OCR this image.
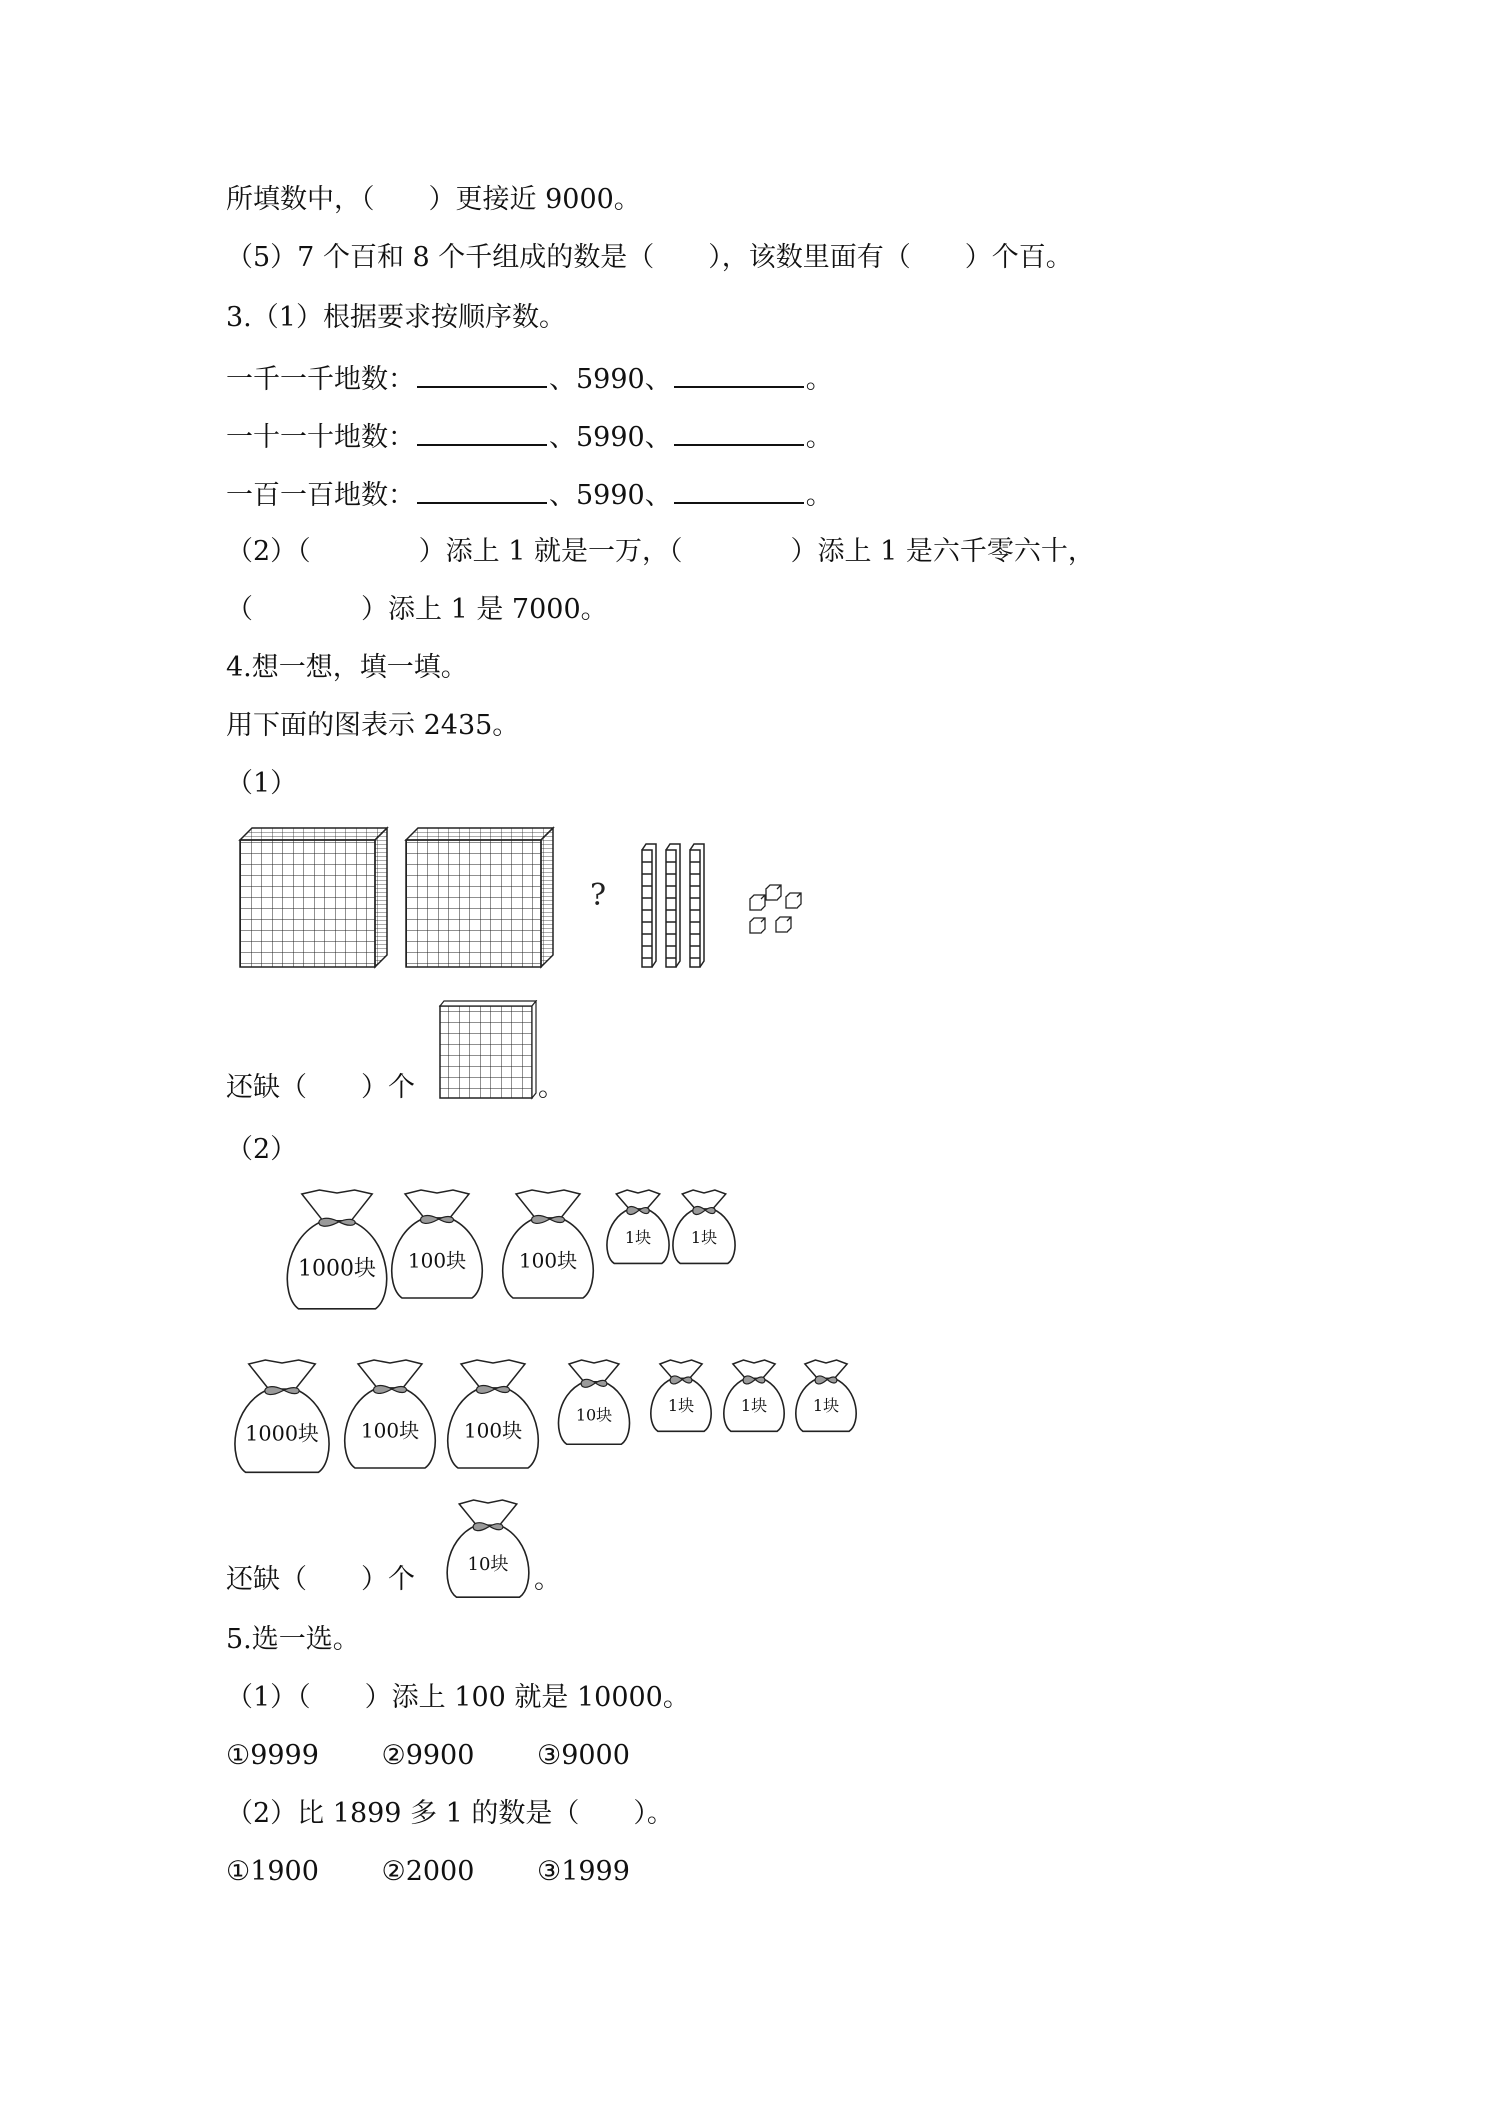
所填数中，（　　）更接近 9000。
（5）7 个百和 8 个千组成的数是（　　），该数里面有（　　）个百。
3.（1）根据要求按顺序数。
一千一千地数：	、5990、	。
一十一十地数：	、5990、	。
一百一百地数：	、5990、	。
（2）（　　　　）添上 1 就是一万，（　　　　）添上 1 是六千零六十，
（　　　　）添上 1 是 7000。
4.想一想，填一填。
用下面的图表示 2435。
（1）
?
还缺（　　）个	。
（2）
1000块 100块	100块
1块 1块
1000块 100块 100块
10块	1块	1块	1块
还缺（　　）个	10块 。
5.选一选。
（1）（　　）添上 100 就是 10000。
①9999　　 ②9900　　 ③9000
（2）比 1899 多 1 的数是（　　）。
①1900　　 ②2000　　 ③1999
